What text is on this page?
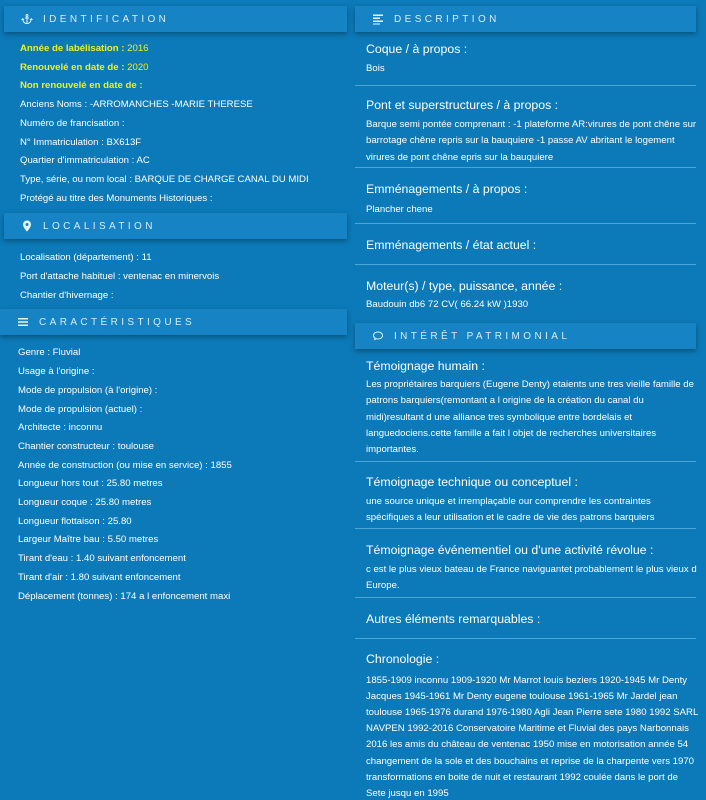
IDENTIFICATION
Année de labélisation : 2016
Renouvelé en date de : 2020
Non renouvelé en date de :
Anciens Noms : -ARROMANCHES -MARIE THERESE
Numéro de francisation :
N° Immatriculation : BX613F
Quartier d'immatriculation : AC
Type, série, ou nom local : BARQUE DE CHARGE CANAL DU MIDI
Protégé au titre des Monuments Historiques :
LOCALISATION
Localisation (département) : 11
Port d'attache habituel : ventenac en minervois
Chantier d'hivernage :
CARACTÉRISTIQUES
Genre : Fluvial
Usage à l'origine :
Mode de propulsion (à l'origine) :
Mode de propulsion (actuel) :
Architecte : inconnu
Chantier constructeur : toulouse
Année de construction (ou mise en service) : 1855
Longueur hors tout : 25.80 metres
Longueur coque : 25.80 metres
Longueur flottaison : 25.80
Largeur Maître bau : 5.50 metres
Tirant d'eau : 1.40 suivant enfoncement
Tirant d'air : 1.80 suivant enfoncement
Déplacement (tonnes) : 174 a l enfoncement maxi
DESCRIPTION
Coque / à propos :
Bois
Pont et superstructures / à propos :
Barque semi pontée comprenant : -1 plateforme AR:virures de pont chêne sur barrotage chêne repris sur la bauquiere -1 passe AV abritant le logement virures de pont chêne epris sur la bauquiere
Emménagements / à propos :
Plancher chene
Emménagements / état actuel :
Moteur(s) / type, puissance, année :
Baudouin db6 72 CV( 66.24 kW )1930
INTÉRÊT PATRIMONIAL
Témoignage humain :
Les propriétaires barquiers (Eugene Denty) etaients une tres vieille famille de patrons barquiers(remontant a l origine de la création du canal du midi)resultant d une alliance tres symbolique entre bordelais et languedociens.cette famille a fait l objet de recherches universitaires importantes.
Témoignage technique ou conceptuel :
une source unique et irremplaçable our comprendre les contraintes spécifiques a leur utilisation et le cadre de vie des patrons barquiers
Témoignage événementiel ou d'une activité révolue :
c est le plus vieux bateau de France naviguantet probablement le plus vieux d Europe.
Autres éléments remarquables :
Chronologie :
1855-1909 inconnu 1909-1920 Mr Marrot louis beziers 1920-1945 Mr Denty Jacques 1945-1961 Mr Denty eugene toulouse 1961-1965 Mr Jardel jean toulouse 1965-1976 durand 1976-1980 Agli Jean Pierre sete 1980 1992 SARL NAVPEN 1992-2016 Conservatoire Maritime et Fluvial des pays Narbonnais 2016 les amis du château de ventenac 1950 mise en motorisation année 54 changement de la sole et des bouchains et reprise de la charpente vers 1970 transformations en boite de nuit et restaurant 1992 coulée dans le port de Sete jusqu en 1995
